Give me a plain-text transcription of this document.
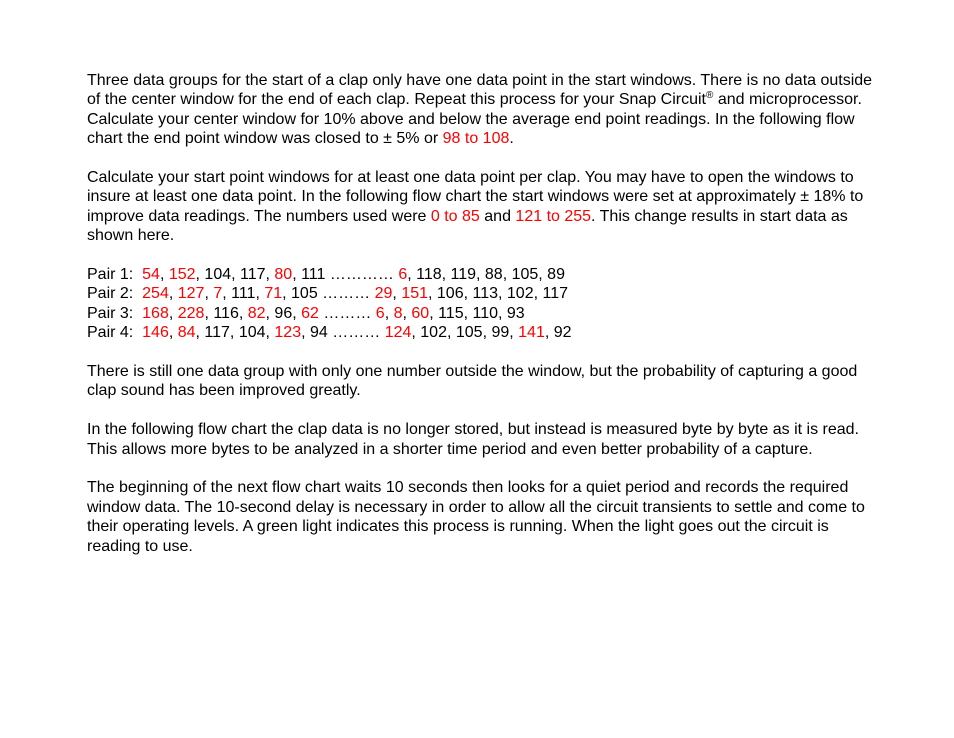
Three data groups for the start of a clap only have one data point in the start windows. There is no data outside of the center window for the end of each clap. Repeat this process for your Snap Circuit® and microprocessor. Calculate your center window for 10% above and below the average end point readings. In the following flow chart the end point window was closed to ± 5% or 98 to 108.

Calculate your start point windows for at least one data point per clap. You may have to open the windows to insure at least one data point. In the following flow chart the start windows were set at approximately ± 18% to improve data readings. The numbers used were 0 to 85 and 121 to 255. This change results in start data as shown here.

Pair 1:  54, 152, 104, 117, 80, 111 ………… 6, 118, 119, 88, 105, 89
Pair 2:  254, 127, 7, 111, 71, 105 ……… 29, 151, 106, 113, 102, 117
Pair 3:  168, 228, 116, 82, 96, 62 ……… 6, 8, 60, 115, 110, 93
Pair 4:  146, 84, 117, 104, 123, 94 ……… 124, 102, 105, 99, 141, 92

There is still one data group with only one number outside the window, but the probability of capturing a good clap sound has been improved greatly.

In the following flow chart the clap data is no longer stored, but instead is measured byte by byte as it is read. This allows more bytes to be analyzed in a shorter time period and even better probability of a capture.

The beginning of the next flow chart waits 10 seconds then looks for a quiet period and records the required window data. The 10-second delay is necessary in order to allow all the circuit transients to settle and come to their operating levels. A green light indicates this process is running. When the light goes out the circuit is reading to use.
